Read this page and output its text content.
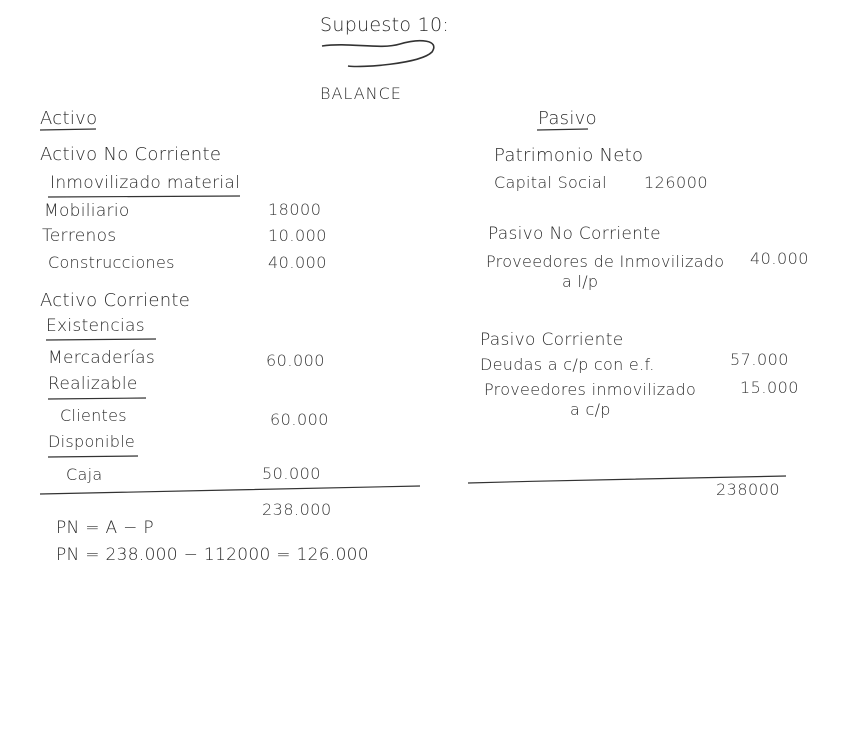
Supuesto 10:
BALANCE
Activo
Activo No Corriente
Inmovilizado material
Mobiliario	18000
Terrenos	10.000
Construcciones	40.000
Activo Corriente
Existencias
Mercaderías	60.000
Realizable
Clientes	60.000
Disponible
Caja	50.000
238.000
PN = A − P
PN = 238.000 − 112000 = 126.000
Pasivo
Patrimonio Neto
Capital Social 126000
Pasivo No Corriente
Proveedores de Inmovilizado
a l/p
40.000
Pasivo Corriente
Deudas a c/p con e.f.	57.000
Proveedores inmovilizado
a c/p
15.000
238000
